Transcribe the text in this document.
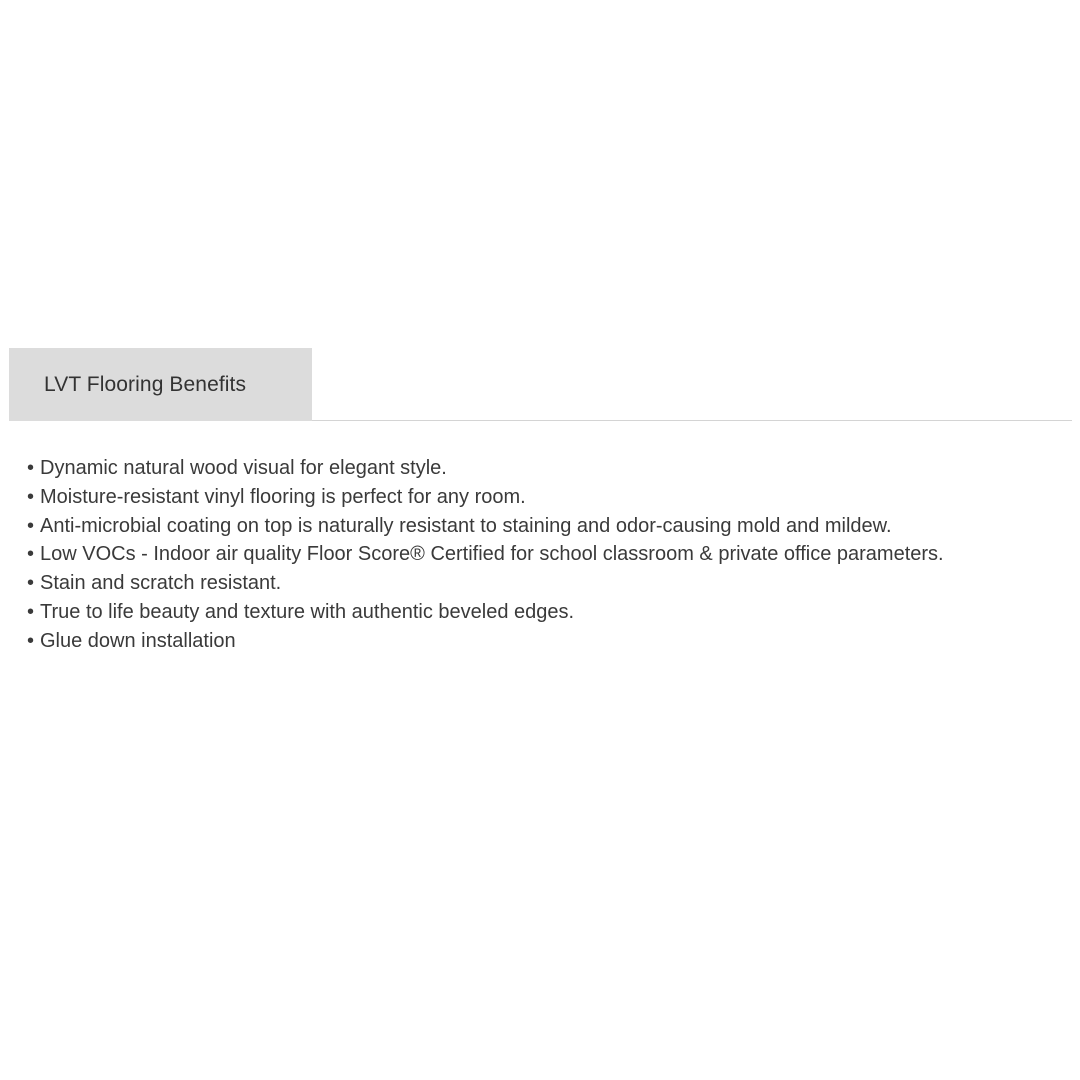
LVT Flooring Benefits
• Dynamic natural wood visual for elegant style.
• Moisture-resistant vinyl flooring is perfect for any room.
• Anti-microbial coating on top is naturally resistant to staining and odor-causing mold and mildew.
• Low VOCs - Indoor air quality Floor Score® Certified for school classroom & private office parameters.
• Stain and scratch resistant.
• True to life beauty and texture with authentic beveled edges.
• Glue down installation
